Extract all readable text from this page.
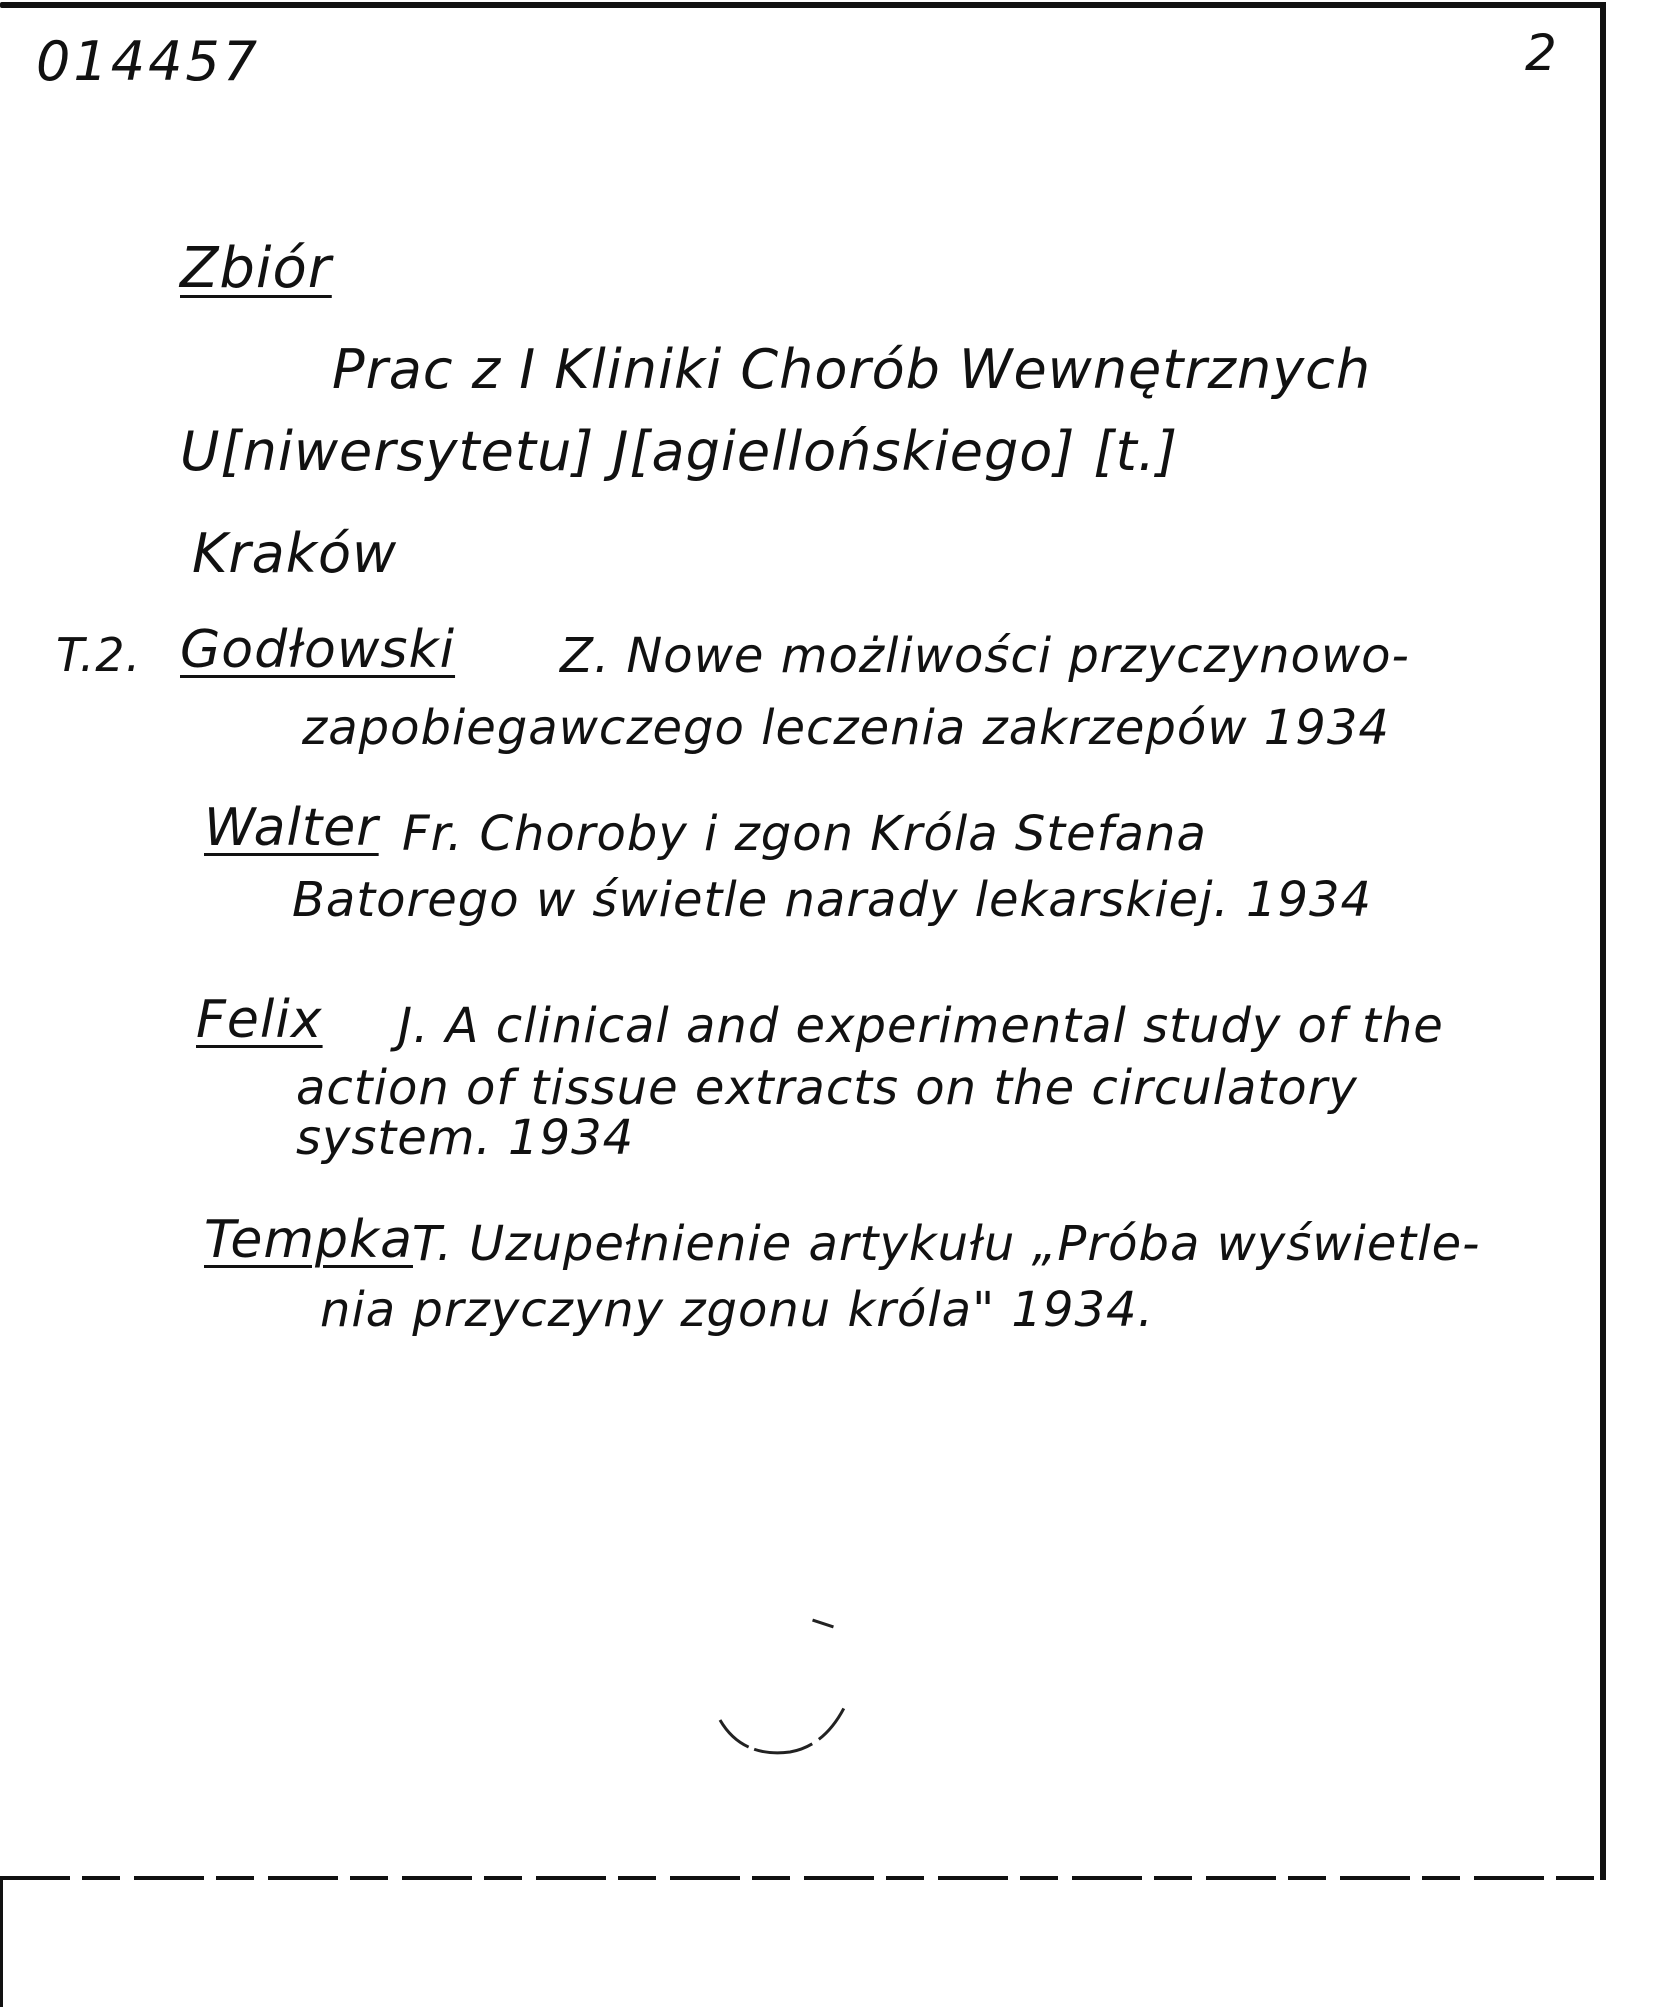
014457	2
Zbiór
Prac z I Kliniki Chorób Wewnętrznych
U[niwersytetu] J[agiellońskiego] [t.]
Kraków
T.2. Godłowski Z. Nowe możliwości przyczynowo-
zapobiegawczego leczenia zakrzepów 1934
Walter Fr. Choroby i zgon Króla Stefana
Batorego w świetle narady lekarskiej. 1934
Felix J. A clinical and experimental study of the
action of tissue extracts on the circulatory
system. 1934
Tempka T. Uzupełnienie artykułu „Próba wyświetle-
nia przyczyny zgonu króla" 1934.
